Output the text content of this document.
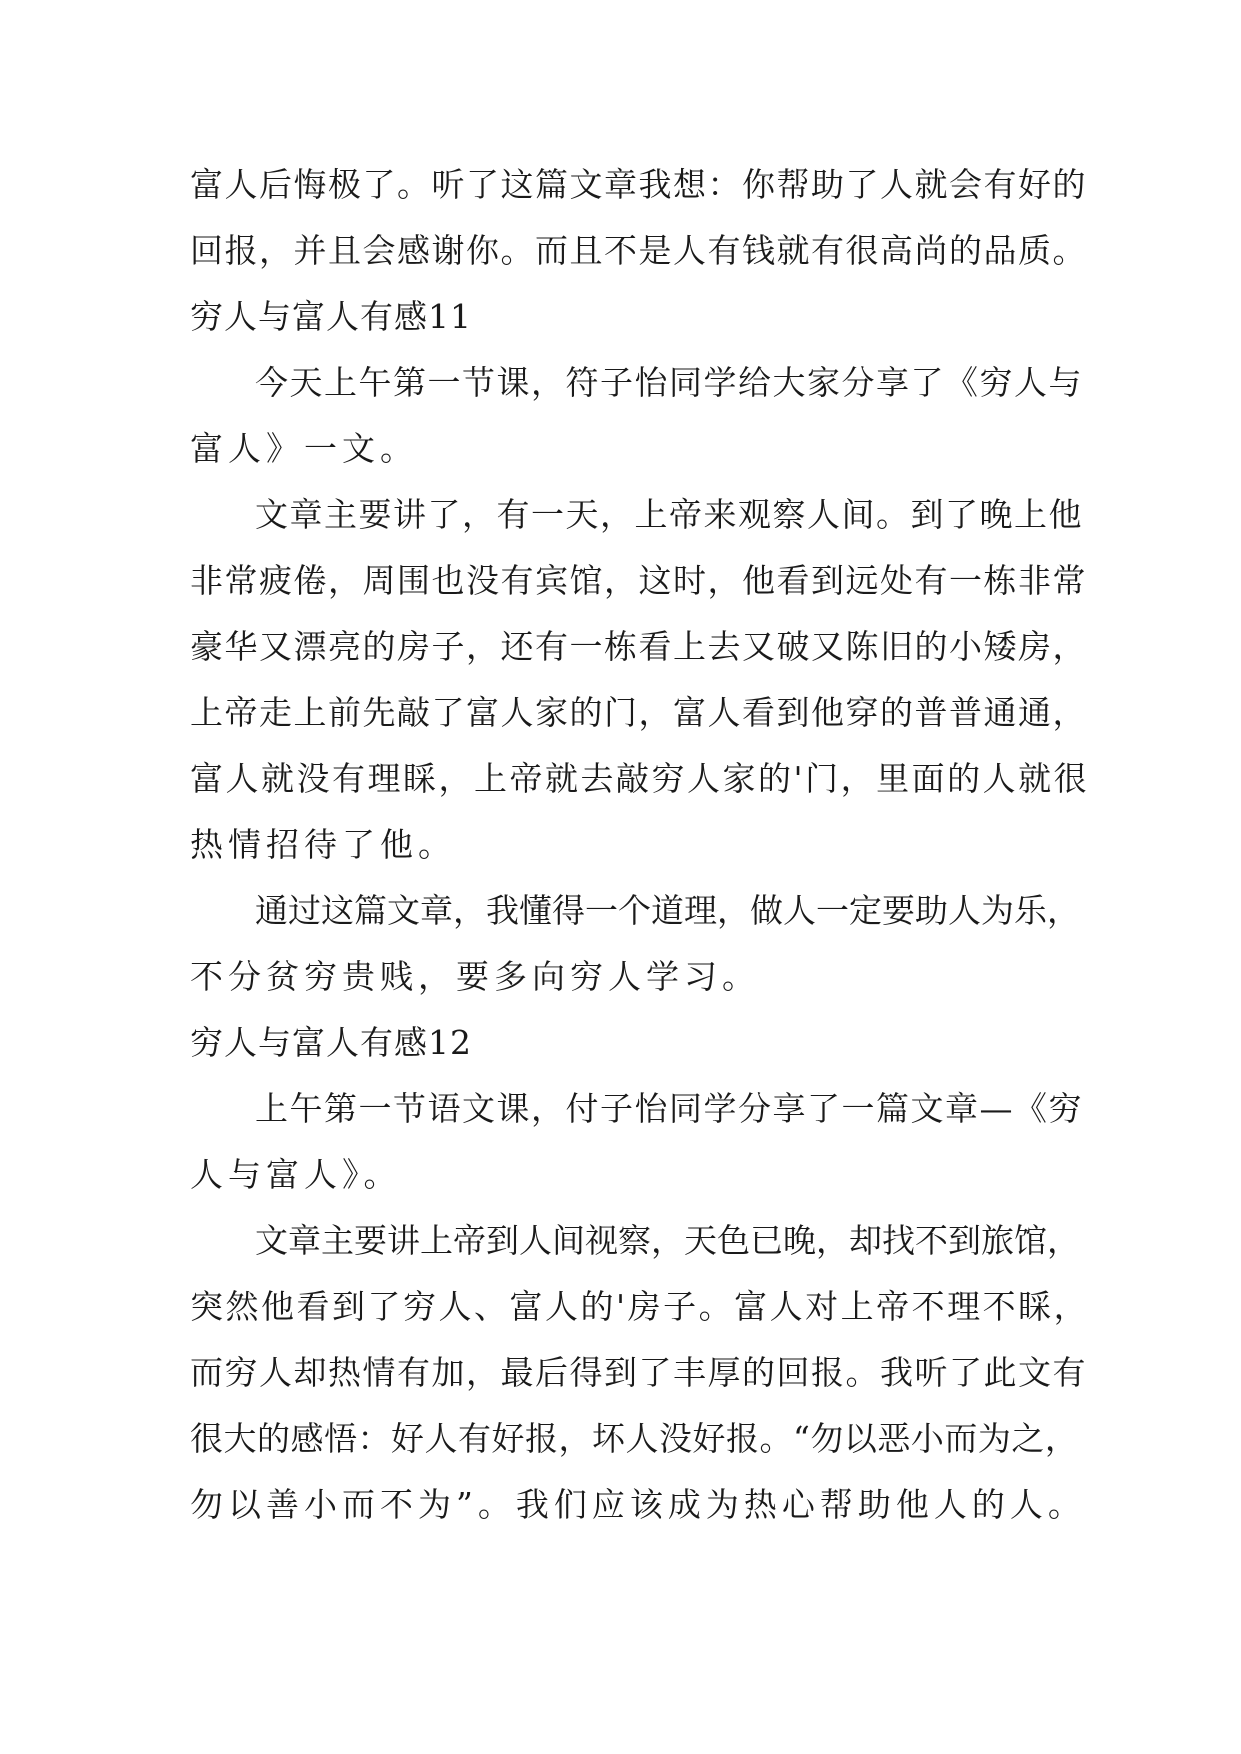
富人后悔极了。听了这篇文章我想：你帮助了人就会有好的
回报，并且会感谢你。而且不是人有钱就有很高尚的品质。
穷人与富人有感11
今天上午第一节课，符子怡同学给大家分享了《穷人与
富人》一文。
文章主要讲了，有一天，上帝来观察人间。到了晚上他
非常疲倦，周围也没有宾馆，这时，他看到远处有一栋非常
豪华又漂亮的房子，还有一栋看上去又破又陈旧的小矮房，
上帝走上前先敲了富人家的门，富人看到他穿的普普通通，
富人就没有理睬，上帝就去敲穷人家的'门，里面的人就很
热情招待了他。
通过这篇文章，我懂得一个道理，做人一定要助人为乐，
不分贫穷贵贱，要多向穷人学习。
穷人与富人有感12
上午第一节语文课，付子怡同学分享了一篇文章—《穷
人与富人》。
文章主要讲上帝到人间视察，天色已晚，却找不到旅馆，
突然他看到了穷人、富人的'房子。富人对上帝不理不睬，
而穷人却热情有加，最后得到了丰厚的回报。我听了此文有
很大的感悟：好人有好报，坏人没好报。“勿以恶小而为之，
勿以善小而不为”。我们应该成为热心帮助他人的人。
